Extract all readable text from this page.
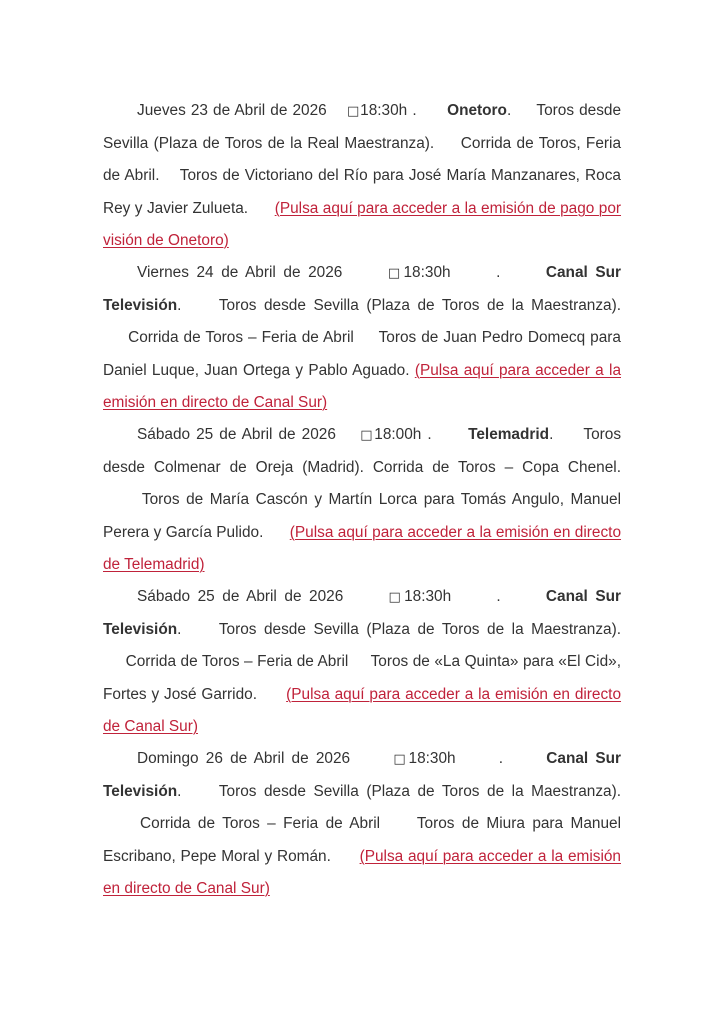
Jueves 23 de Abril de 2026 □18:30h . Onetoro. Toros desde Sevilla (Plaza de Toros de la Real Maestranza). Corrida de Toros, Feria de Abril. Toros de Victoriano del Río para José María Manzanares, Roca Rey y Javier Zulueta. (Pulsa aquí para acceder a la emisión de pago por visión de Onetoro)

Viernes 24 de Abril de 2026	□18:30h	.	Canal Sur Televisión. Toros desde Sevilla (Plaza de Toros de la Maestranza).     Corrida de Toros – Feria de Abril Toros de Juan Pedro Domecq para Daniel Luque, Juan Ortega y Pablo Aguado. (Pulsa aquí para acceder a la emisión en directo de Canal Sur)

Sábado 25 de Abril de 2026 □18:00h . Telemadrid. Toros desde Colmenar de Oreja (Madrid). Corrida de Toros – Copa Chenel.      Toros de María Cascón y Martín Lorca para Tomás Angulo, Manuel Perera y García Pulido. (Pulsa aquí para acceder a la emisión en directo de Telemadrid)

Sábado 25 de Abril de 2026	□18:30h	.	Canal Sur Televisión. Toros desde Sevilla (Plaza de Toros de la Maestranza).     Corrida de Toros – Feria de Abril Toros de «La Quinta» para «El Cid», Fortes y José Garrido. (Pulsa aquí para acceder a la emisión en directo de Canal Sur)

Domingo 26 de Abril de 2026	□18:30h	.	Canal Sur Televisión. Toros desde Sevilla (Plaza de Toros de la Maestranza).     Corrida de Toros – Feria de Abril Toros de Miura para Manuel Escribano, Pepe Moral y Román. (Pulsa aquí para acceder a la emisión en directo de Canal Sur)
